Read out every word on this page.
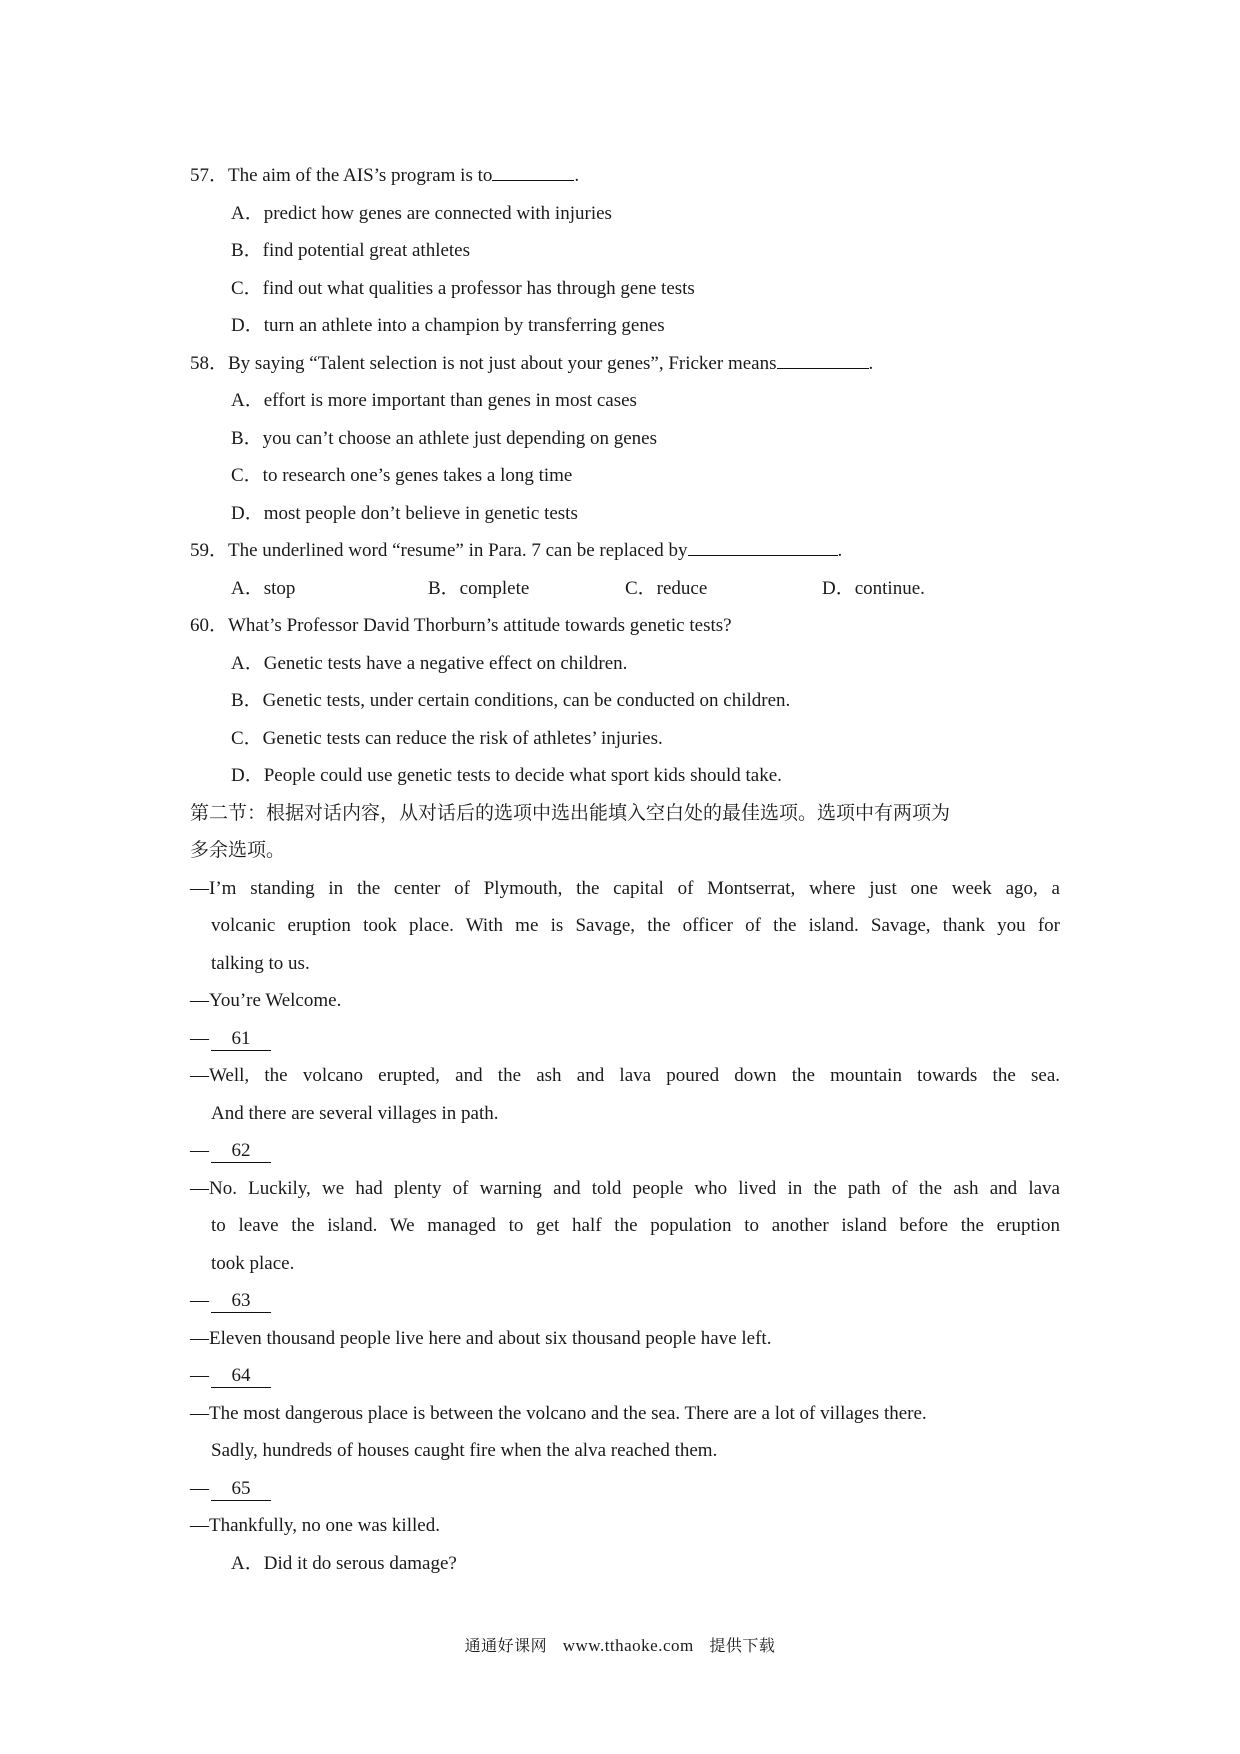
57．The aim of the AIS’s program is to	.
A．predict how genes are connected with injuries
B．find potential great athletes
C．find out what qualities a professor has through gene tests
D．turn an athlete into a champion by transferring genes
58．By saying “Talent selection is not just about your genes”, Fricker means	.
A．effort is more important than genes in most cases
B．you can’t choose an athlete just depending on genes
C．to research one’s genes takes a long time
D．most people don’t believe in genetic tests
59．The underlined word “resume” in Para. 7 can be replaced by	.
A．stop	B．complete	C．reduce	D．continue.
60．What’s Professor David Thorburn’s attitude towards genetic tests?
A．Genetic tests have a negative effect on children.
B．Genetic tests, under certain conditions, can be conducted on children.
C．Genetic tests can reduce the risk of athletes’ injuries.
D．People could use genetic tests to decide what sport kids should take.
第二节：根据对话内容，从对话后的选项中选出能填入空白处的最佳选项。选项中有两项为
多余选项。
—I’m standing in the center of Plymouth, the capital of Montserrat, where just one week ago, a
volcanic eruption took place. With me is Savage, the officer of the island. Savage, thank you for
talking to us.
—You’re Welcome.
— 61
—Well, the volcano erupted, and the ash and lava poured down the mountain towards the sea.
And there are several villages in path.
— 62
—No. Luckily, we had plenty of warning and told people who lived in the path of the ash and lava
to leave the island. We managed to get half the population to another island before the eruption
took place.
— 63
—Eleven thousand people live here and about six thousand people have left.
— 64
—The most dangerous place is between the volcano and the sea. There are a lot of villages there.
Sadly, hundreds of houses caught fire when the alva reached them.
— 65
—Thankfully, no one was killed.
A．Did it do serous damage?
通通好课网 www.tthaoke.com 提供下载
